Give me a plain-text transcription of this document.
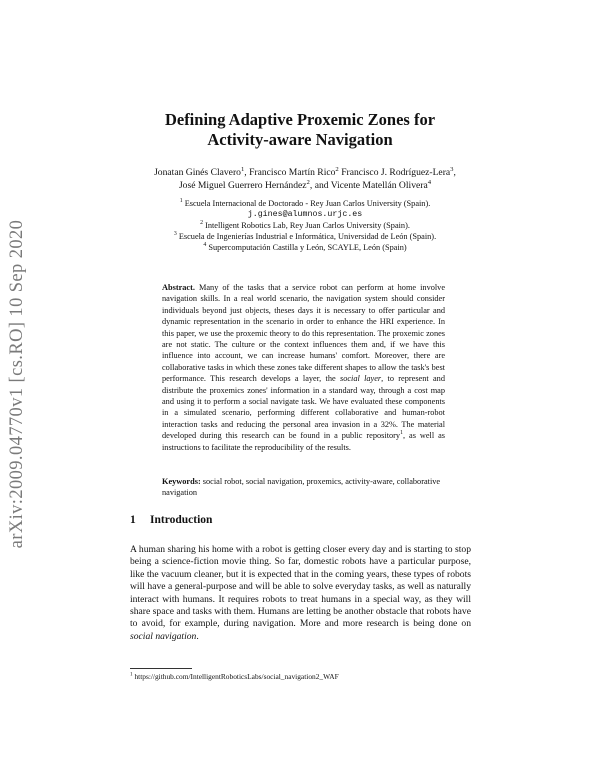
arXiv:2009.04770v1 [cs.RO] 10 Sep 2020
Defining Adaptive Proxemic Zones for
Activity-aware Navigation
Jonatan Ginés Clavero$^1$, Francisco Martín Rico$^2$ Francisco J. Rodríguez-Lera$^3$,
José Miguel Guerrero Hernández$^2$, and Vicente Matellán Olivera$^4$
$^1$ Escuela Internacional de Doctorado - Rey Juan Carlos University (Spain).
j.gines@alumnos.urjc.es
$^2$ Intelligent Robotics Lab, Rey Juan Carlos University (Spain).
$^3$ Escuela de Ingenierías Industrial e Informática, Universidad de León (Spain).
$^4$ Supercomputación Castilla y León, SCAYLE, León (Spain)
Abstract. Many of the tasks that a service robot can perform at home involve navigation skills. In a real world scenario, the navigation system should consider individuals beyond just objects, theses days it is necessary to offer particular and dynamic representation in the scenario in order to enhance the HRI experience. In this paper, we use the proxemic theory to do this representation. The proxemic zones are not static. The culture or the context influences them and, if we have this influence into account, we can increase humans' comfort. Moreover, there are collaborative tasks in which these zones take different shapes to allow the task's best performance. This research develops a layer, the social layer, to represent and distribute the proxemics zones' information in a standard way, through a cost map and using it to perform a social navigate task. We have evaluated these components in a simulated scenario, performing different collaborative and human-robot interaction tasks and reducing the personal area invasion in a 32%. The material developed during this research can be found in a public repository$^1$, as well as instructions to facilitate the reproducibility of the results.
Keywords: social robot, social navigation, proxemics, activity-aware, collaborative navigation
1 Introduction
A human sharing his home with a robot is getting closer every day and is starting to stop being a science-fiction movie thing. So far, domestic robots have a particular purpose, like the vacuum cleaner, but it is expected that in the coming years, these types of robots will have a general-purpose and will be able to solve everyday tasks, as well as naturally interact with humans. It requires robots to treat humans in a special way, as they will share space and tasks with them. Humans are letting be another obstacle that robots have to avoid, for example, during navigation. More and more research is being done on social navigation.
$^1$ https://github.com/IntelligentRoboticsLabs/social_navigation2_WAF
